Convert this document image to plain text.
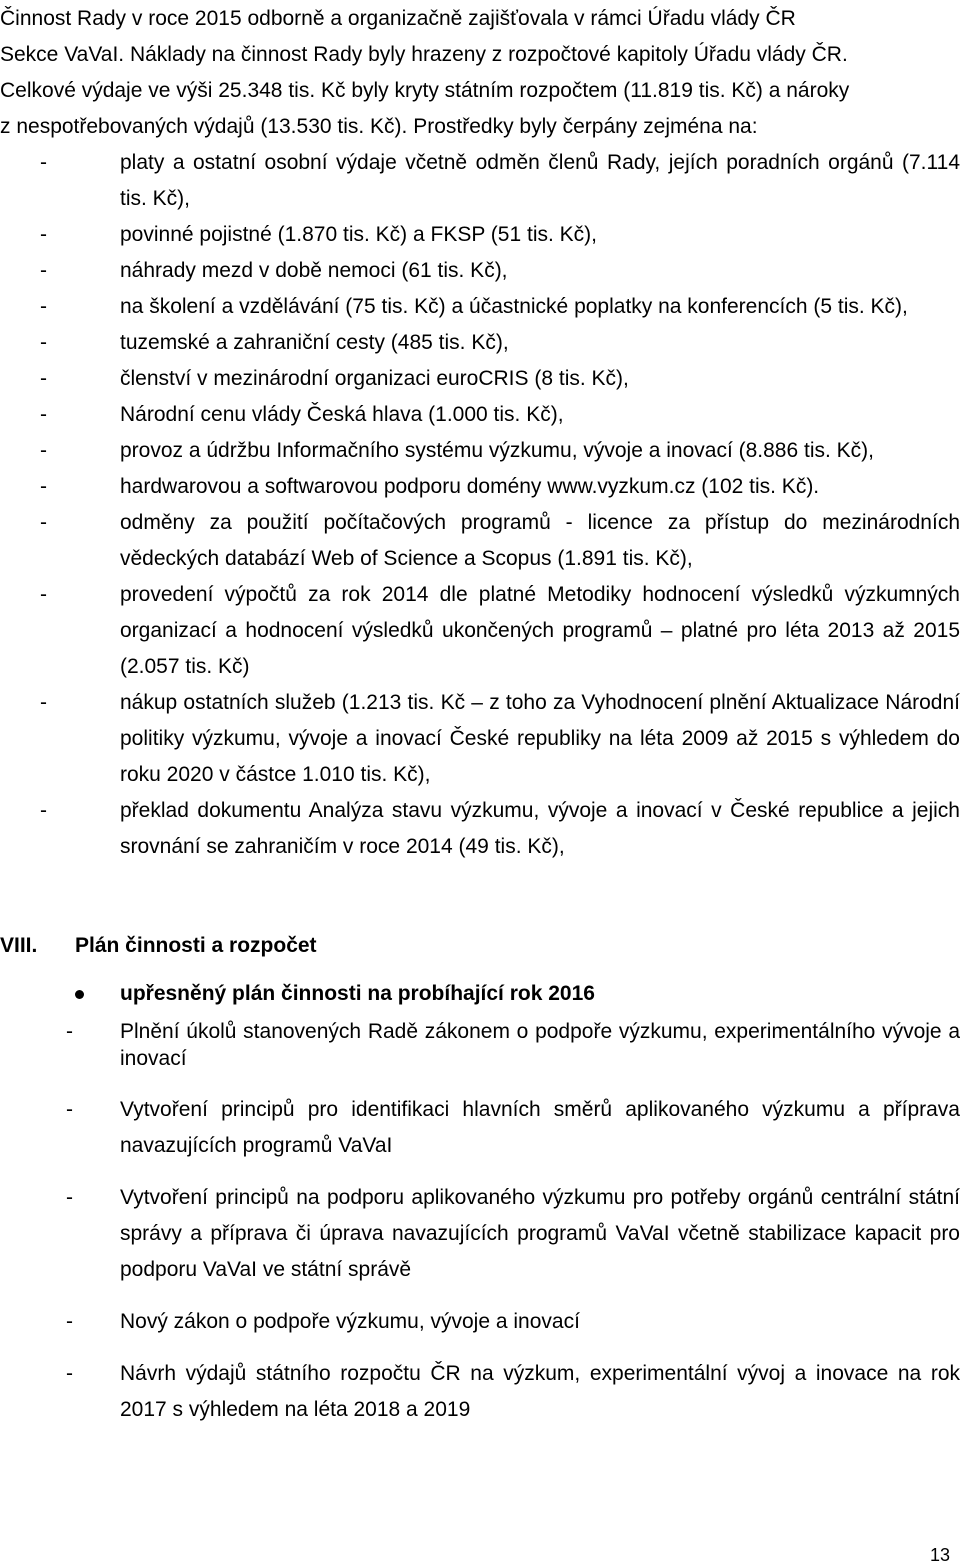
Činnost Rady v roce 2015 odborně a organizačně zajišťovala v rámci Úřadu vlády ČR
Sekce VaVaI. Náklady na činnost Rady byly hrazeny z rozpočtové kapitoly Úřadu vlády ČR.
Celkové výdaje ve výši 25.348 tis. Kč byly kryty státním rozpočtem (11.819 tis. Kč) a nároky
z nespotřebovaných výdajů (13.530 tis. Kč). Prostředky byly čerpány zejména na:

-	platy a ostatní osobní výdaje včetně odměn členů Rady, jejích poradních orgánů (7.114 tis. Kč),
-	povinné pojistné (1.870 tis. Kč) a FKSP (51 tis. Kč),
-	náhrady mezd v době nemoci (61 tis. Kč),
-	na školení a vzdělávání (75 tis. Kč) a účastnické poplatky na konferencích (5 tis. Kč),
-	tuzemské a zahraniční cesty (485 tis. Kč),
-	členství v mezinárodní organizaci euroCRIS (8 tis. Kč),
-	Národní cenu vlády Česká hlava (1.000 tis. Kč),
-	provoz a údržbu Informačního systému výzkumu, vývoje a inovací (8.886 tis. Kč),
-	hardwarovou a softwarovou podporu domény www.vyzkum.cz (102 tis. Kč).
-	odměny za použití počítačových programů - licence za přístup do mezinárodních vědeckých databází Web of Science a Scopus (1.891 tis. Kč),
-	provedení výpočtů za rok 2014 dle platné Metodiky hodnocení výsledků výzkumných organizací a hodnocení výsledků ukončených programů – platné pro léta 2013 až 2015 (2.057 tis. Kč)
-	nákup ostatních služeb (1.213 tis. Kč – z toho za Vyhodnocení plnění Aktualizace Národní politiky výzkumu, vývoje a inovací České republiky na léta 2009 až 2015 s výhledem do roku 2020 v částce 1.010 tis. Kč),
-	překlad dokumentu Analýza stavu výzkumu, vývoje a inovací v České republice a jejich srovnání se zahraničím v roce 2014 (49 tis. Kč),
VIII. Plán činnosti a rozpočet
upřesněný plán činnosti na probíhající rok 2016
- Plnění úkolů stanovených Radě zákonem o podpoře výzkumu, experimentálního vývoje a inovací
- Vytvoření principů pro identifikaci hlavních směrů aplikovaného výzkumu a příprava navazujících programů VaVaI
- Vytvoření principů na podporu aplikovaného výzkumu pro potřeby orgánů centrální státní správy a příprava či úprava navazujících programů VaVaI včetně stabilizace kapacit pro podporu VaVaI ve státní správě
- Nový zákon o podpoře výzkumu, vývoje a inovací
- Návrh výdajů státního rozpočtu ČR na výzkum, experimentální vývoj a inovace na rok 2017 s výhledem na léta 2018 a 2019
13
